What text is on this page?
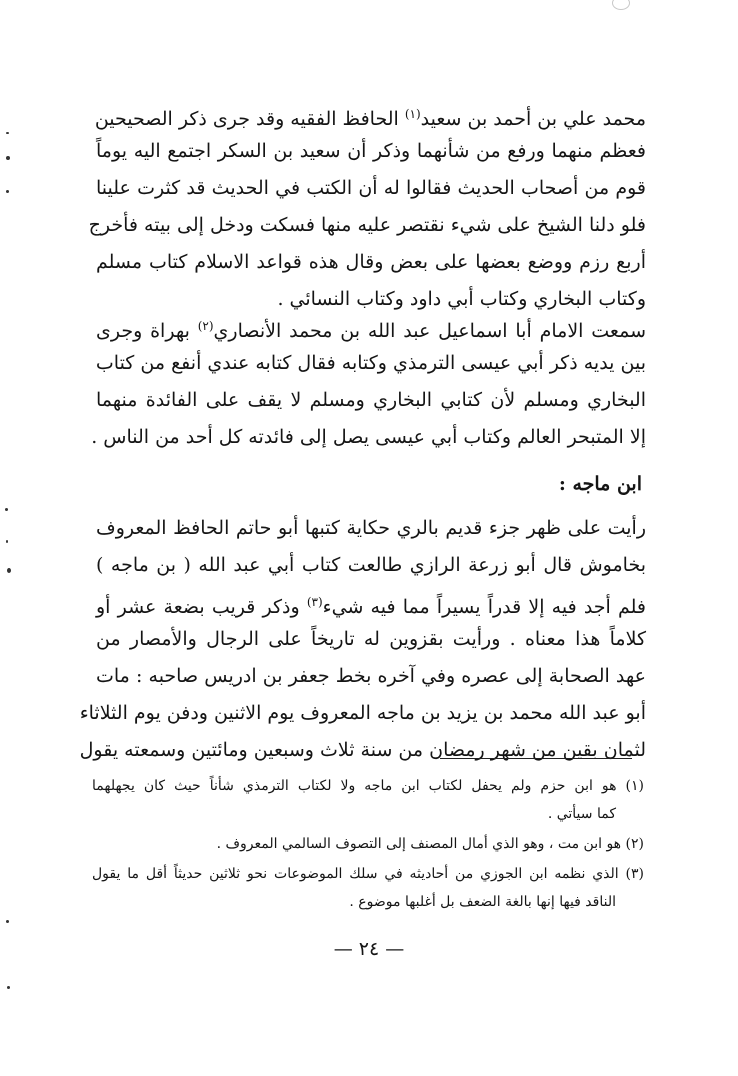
محمد علي بن أحمد بن سعيد$^{(١)}$ الحافظ الفقيه وقد جرى ذكر الصحيحين
فعظم منهما ورفع من شأنهما وذكر أن سعيد بن السكر اجتمع اليه يوماً
قوم من أصحاب الحديث فقالوا له أن الكتب في الحديث قد كثرت علينا
فلو دلنا الشيخ على شيء نقتصر عليه منها فسكت ودخل إلى بيته فأخرج
أربع رزم ووضع بعضها على بعض وقال هذه قواعد الاسلام كتاب مسلم
وكتاب البخاري وكتاب أبي داود وكتاب النسائي .
سمعت الامام أبا اسماعيل عبد الله بن محمد الأنصاري$^{(٢)}$ بهراة وجرى
بين يديه ذكر أبي عيسى الترمذي وكتابه فقال كتابه عندي أنفع من كتاب
البخاري ومسلم لأن كتابي البخاري ومسلم لا يقف على الفائدة منهما
إلا المتبحر العالم وكتاب أبي عيسى يصل إلى فائدته كل أحد من الناس .
ابن ماجه :
رأيت على ظهر جزء قديم بالري حكاية كتبها أبو حاتم الحافظ المعروف
بخاموش قال أبو زرعة الرازي طالعت كتاب أبي عبد الله ( بن ماجه )
فلم أجد فيه إلا قدراً يسيراً مما فيه شيء$^{(٣)}$ وذكر قريب بضعة عشر أو
كلاماً هذا معناه . ورأيت بقزوين له تاريخاً على الرجال والأمصار من
عهد الصحابة إلى عصره وفي آخره بخط جعفر بن ادريس صاحبه : مات
أبو عبد الله محمد بن يزيد بن ماجه المعروف يوم الاثنين ودفن يوم الثلاثاء
لثمان بقين من شهر رمضان من سنة ثلاث وسبعين ومائتين وسمعته يقول
(١) هو ابن حزم ولم يحفل لكتاب ابن ماجه ولا لكتاب الترمذي شأناً حيث كان يجهلهما
كما سيأتي .
(٢) هو ابن مت ، وهو الذي أمال المصنف إلى التصوف السالمي المعروف .
(٣) الذي نظمه ابن الجوزي من أحاديثه في سلك الموضوعات نحو ثلاثين حديثاً أقل ما يقول
الناقد فيها إنها بالغة الضعف بل أغلبها موضوع .
— ٢٤ —
